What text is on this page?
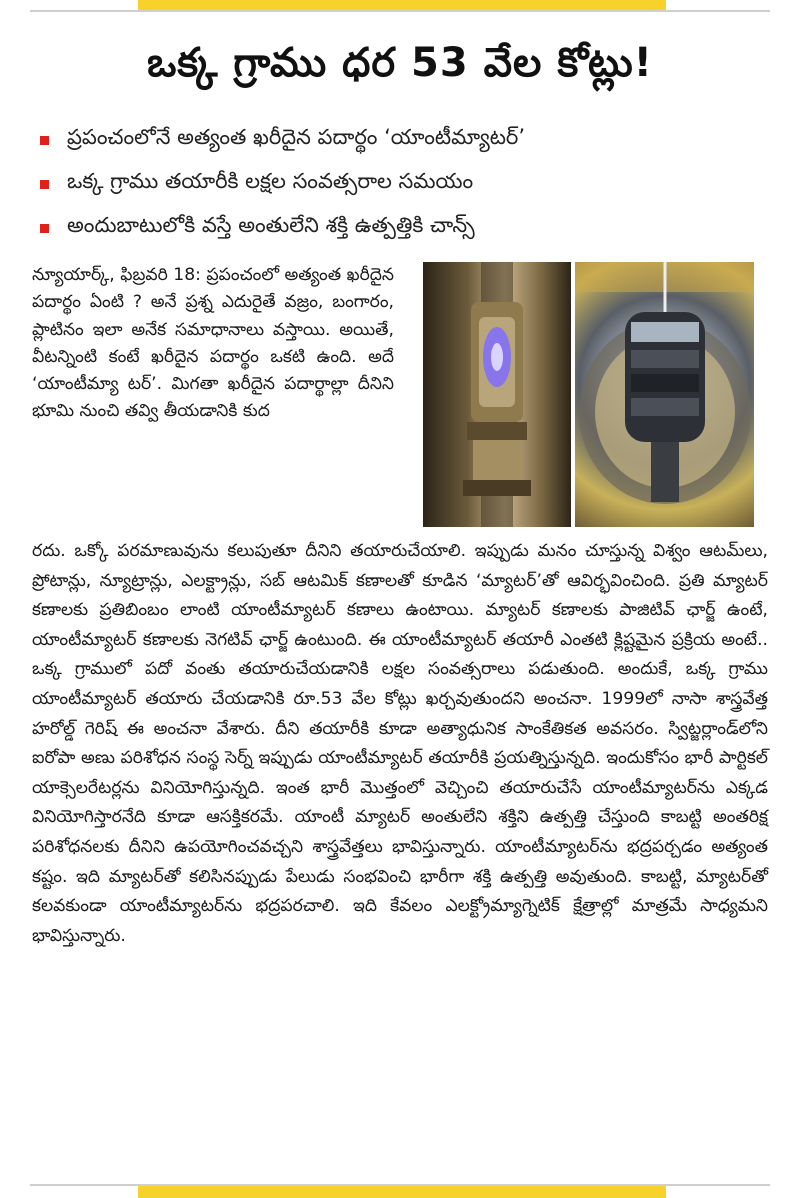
ఒక్క గ్రాము ధర 53 వేల కోట్లు!
ప్రపంచంలోనే అత్యంత ఖరీదైన పదార్థం ‘యాంటీమ్యాటర్’
ఒక్క గ్రాము తయారీకి లక్షల సంవత్సరాల సమయం
అందుబాటులోకి వస్తే అంతులేని శక్తి ఉత్పత్తికి చాన్స్
న్యూయార్క్, ఫిబ్రవరి 18: ప్రపంచంలో అత్యంత ఖరీదైన పదార్థం ఏంటి ? అనే ప్రశ్న ఎదురైతే వజ్రం, బంగారం, ప్లాటినం ఇలా అనేక సమాధానాలు వస్తాయి. అయితే, వీటన్నింటి కంటే ఖరీదైన పదార్థం ఒకటి ఉంది. అదే ‘యాంటీమ్యా టర్’. మిగతా ఖరీదైన పదార్థాల్లా దీనిని భూమి నుంచి తవ్వి తీయడానికి కుద
రదు. ఒక్కో పరమాణువును కలుపుతూ దీనిని తయారుచేయాలి. ఇప్పుడు మనం చూస్తున్న విశ్వం ఆటమ్‌లు, ప్రోటాన్లు, న్యూట్రాన్లు, ఎలక్ట్రాన్లు, సబ్ ఆటమిక్ కణాలతో కూడిన ‘మ్యాటర్’తో ఆవిర్భవించింది. ప్రతి మ్యాటర్ కణాలకు ప్రతిబింబం లాంటి యాంటీమ్యాటర్ కణాలు ఉంటాయి. మ్యాటర్ కణాలకు పాజిటివ్ ఛార్జ్ ఉంటే, యాంటీమ్యాటర్ కణాలకు నెగటివ్ ఛార్జ్ ఉంటుంది. ఈ యాంటీమ్యాటర్ తయారీ ఎంతటి క్లిష్టమైన ప్రక్రియ అంటే.. ఒక్క గ్రాములో పదో వంతు తయారుచేయడానికి లక్షల సంవత్సరాలు పడుతుంది. అందుకే, ఒక్క గ్రాము యాంటీమ్యాటర్ తయారు చేయడానికి రూ.53 వేల కోట్లు ఖర్చవుతుందని అంచనా. 1999లో నాసా శాస్త్రవేత్త హరోల్డ్ గెరిష్ ఈ అంచనా వేశారు. దీని తయారీకి కూడా అత్యాధునిక సాంకేతికత అవసరం. స్విట్జర్లాండ్‌లోని ఐరోపా అణు పరిశోధన సంస్థ సెర్న్ ఇప్పుడు యాంటీమ్యాటర్ తయారీకి ప్రయత్నిస్తున్నది. ఇందుకోసం భారీ పార్టికల్ యాక్సెలరేటర్లను వినియోగిస్తున్నది. ఇంత భారీ మొత్తంలో వెచ్చించి తయారుచేసే యాంటీమ్యాటర్‌ను ఎక్కడ వినియోగిస్తారనేది కూడా ఆసక్తికరమే. యాంటీ మ్యాటర్ అంతులేని శక్తిని ఉత్పత్తి చేస్తుంది కాబట్టి అంతరిక్ష పరిశోధనలకు దీనిని ఉపయోగించవచ్చని శాస్త్రవేత్తలు భావిస్తున్నారు. యాంటీమ్యాటర్‌ను భద్రపర్చడం అత్యంత కష్టం. ఇది మ్యాటర్‌తో కలిసినప్పుడు పేలుడు సంభవించి భారీగా శక్తి ఉత్పత్తి అవుతుంది. కాబట్టి, మ్యాటర్‌తో కలవకుండా యాంటీమ్యాటర్‌ను భద్రపరచాలి. ఇది కేవలం ఎలక్ట్రోమ్యాగ్నెటిక్ క్షేత్రాల్లో మాత్రమే సాధ్యమని భావిస్తున్నారు.
